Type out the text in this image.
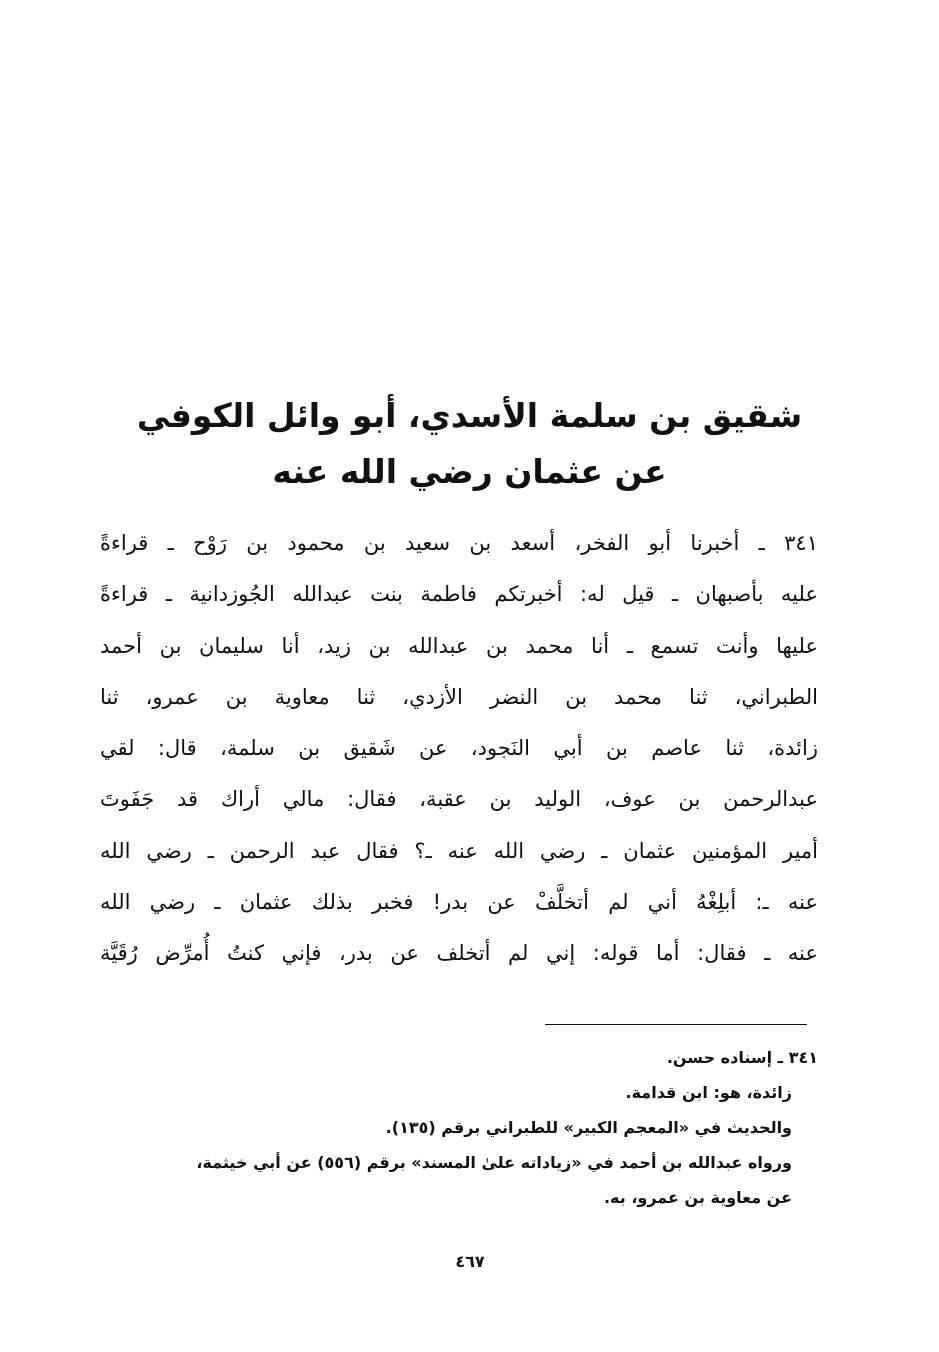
شقيق بن سلمة الأسدي، أبو وائل الكوفي
عن عثمان رضي الله عنه
٣٤١ ـ أخبرنا أبو الفخر، أسعد بن سعيد بن محمود بن رَوْح ـ قراءةً
عليه بأصبهان ـ قيل له: أخبرتكم فاطمة بنت عبدالله الجُوزدانية ـ قراءةً
عليها وأنت تسمع ـ أنا محمد بن عبدالله بن زيد، أنا سليمان بن أحمد
الطبراني، ثنا محمد بن النضر الأزدي، ثنا معاوية بن عمرو، ثنا
زائدة، ثنا عاصم بن أبي النَجود، عن شَقيق بن سلمة، قال: لقي
عبدالرحمن بن عوف، الوليد بن عقبة، فقال: مالي أراك قد جَفَوتَ
أمير المؤمنين عثمان ـ رضي الله عنه ـ؟ فقال عبد الرحمن ـ رضي الله
عنه ـ: أبلِغْهُ أني لم أتخلَّفْ عن بدر! فخبر بذلك عثمان ـ رضي الله
عنه ـ فقال: أما قوله: إني لم أتخلف عن بدر، فإني كنتُ أُمرِّض رُقَيَّة
٣٤١ ـ إسناده حسن.
زائدة، هو: ابن قدامة.
والحديث في «المعجم الكبير» للطبراني برقم (١٣٥).
ورواه عبدالله بن أحمد في «زياداته علىٰ المسند» برقم (٥٥٦) عن أبي خيثمة،
عن معاوية بن عمرو، به.
٤٦٧
